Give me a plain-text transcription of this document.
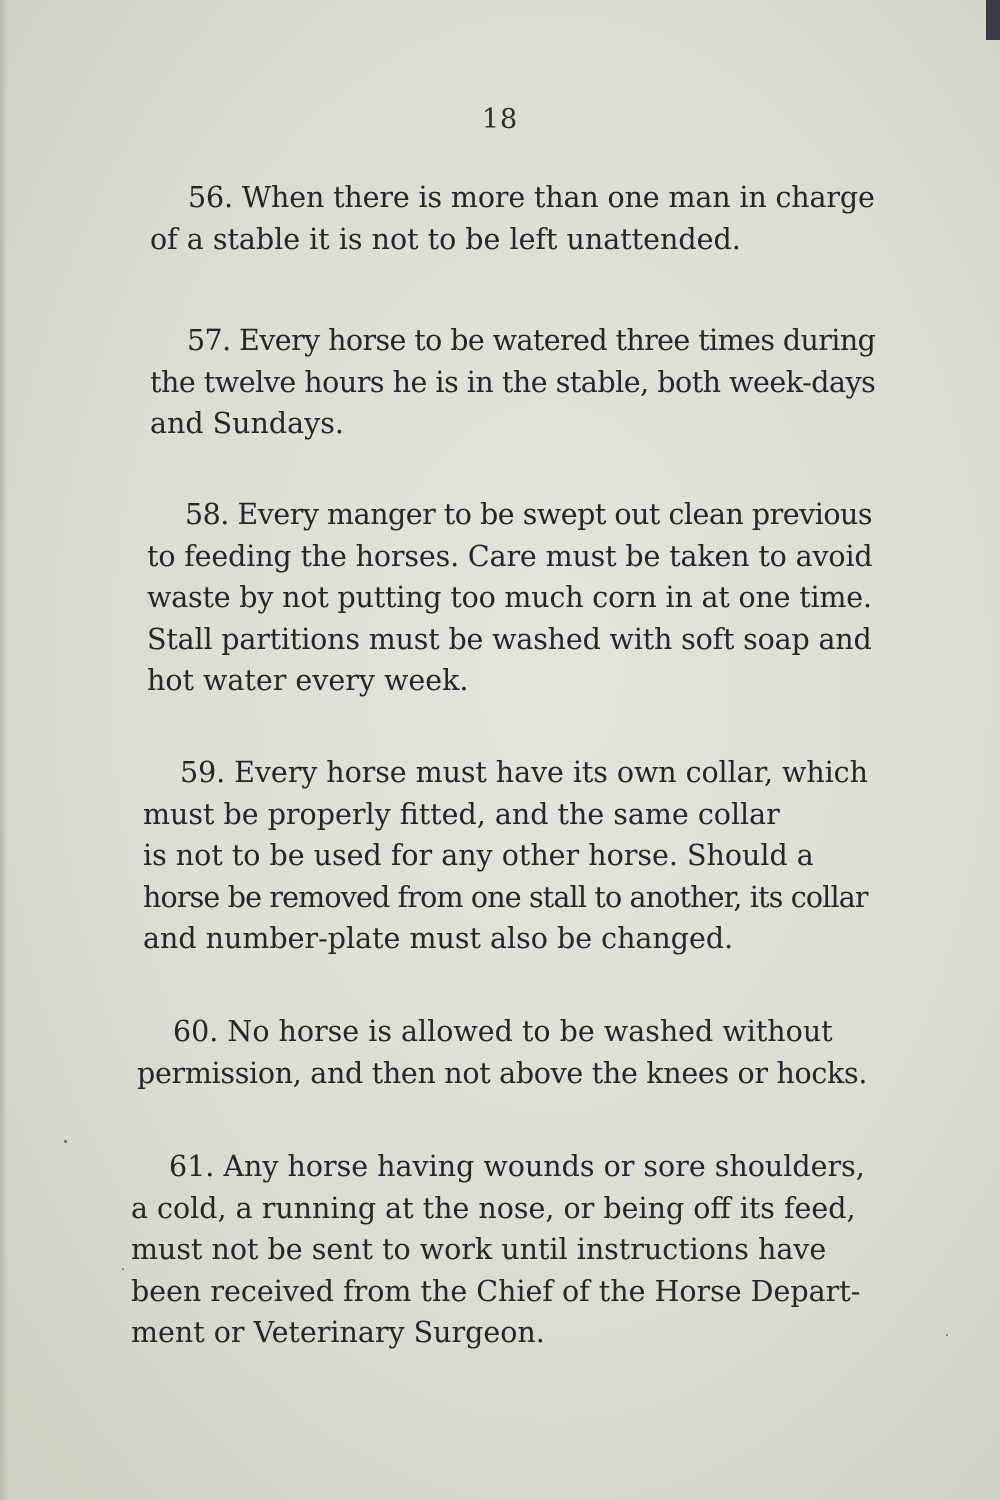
18
56. When there is more than one man in charge
of a stable it is not to be left unattended.
57. Every horse to be watered three times during
the twelve hours he is in the stable, both week-days
and Sundays.
58. Every manger to be swept out clean previous
to feeding the horses. Care must be taken to avoid
waste by not putting too much corn in at one time.
Stall partitions must be washed with soft soap and
hot water every week.
59. Every horse must have its own collar, which
must be properly fitted, and the same collar
is not to be used for any other horse. Should a
horse be removed from one stall to another, its collar
and number-plate must also be changed.
60. No horse is allowed to be washed without
permission, and then not above the knees or hocks.
61. Any horse having wounds or sore shoulders,
a cold, a running at the nose, or being off its feed,
must not be sent to work until instructions have
been received from the Chief of the Horse Depart-
ment or Veterinary Surgeon.
